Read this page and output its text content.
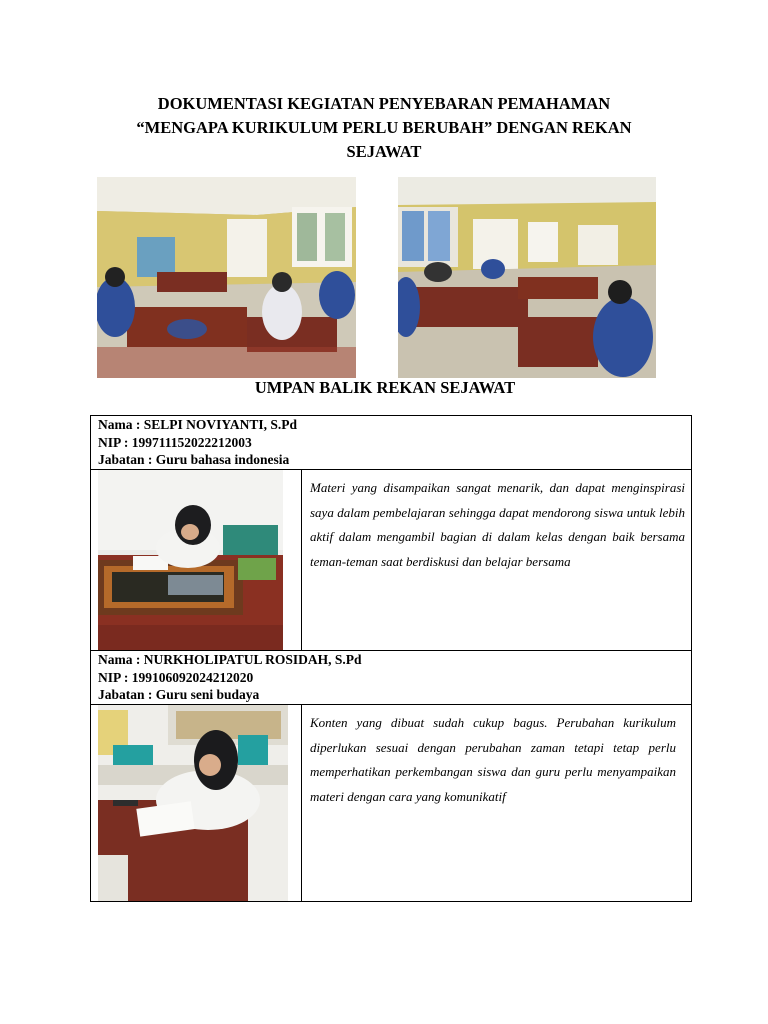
DOKUMENTASI KEGIATAN PENYEBARAN PEMAHAMAN
“MENGAPA KURIKULUM PERLU BERUBAH” DENGAN REKAN
SEJAWAT
UMPAN BALIK REKAN SEJAWAT
Nama : SELPI NOVIYANTI, S.Pd
NIP : 199711152022212003
Jabatan : Guru bahasa indonesia
Materi yang disampaikan sangat menarik, dan dapat menginspirasi saya dalam pembelajaran sehingga dapat mendorong siswa untuk lebih aktif dalam mengambil bagian di dalam kelas dengan baik bersama teman-teman saat berdiskusi dan belajar bersama
Nama : NURKHOLIPATUL ROSIDAH, S.Pd
NIP : 199106092024212020
Jabatan : Guru seni budaya
Konten yang dibuat sudah cukup bagus. Perubahan kurikulum diperlukan sesuai dengan perubahan zaman tetapi tetap perlu memperhatikan perkembangan siswa dan guru perlu menyampaikan materi dengan cara yang komunikatif
